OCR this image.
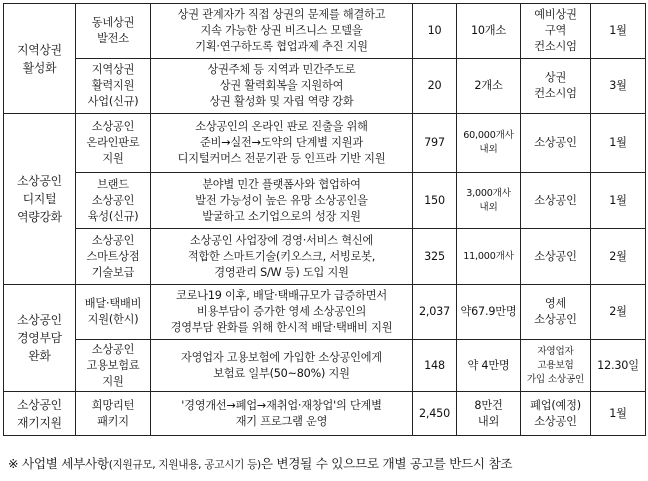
지역상권
활성화	동네상권
발전소	상권 관계자가 직접 상권의 문제를 해결하고
지속 가능한 상권 비즈니스 모델을
기획·연구하도록 협업과제 추진 지원	10	10개소	예비상권
구역
컨소시엄	1월
	지역상권
활력지원
사업(신규)	상권주체 등 지역과 민간주도로
상권 활력회복을 지원하여
상권 활성화 및 자립 역량 강화	20	2개소	상권
컨소시엄	3월
소상공인
디지털
역량강화	소상공인
온라인판로
지원	소상공인의 온라인 판로 진출을 위해
준비→실전→도약의 단계별 지원과
디지털커머스 전문기관 등 인프라 기반 지원	797	60,000개사
내외	소상공인	1월
	브랜드
소상공인
육성(신규)	분야별 민간 플랫폼사와 협업하여
발전 가능성이 높은 유망 소상공인을
발굴하고 소기업으로의 성장 지원	150	3,000개사
내외	소상공인	1월
	소상공인
스마트상점
기술보급	소상공인 사업장에 경영·서비스 혁신에
적합한 스마트기술(키오스크, 서빙로봇,
경영관리 S/W 등) 도입 지원	325	11,000개사	소상공인	2월
소상공인
경영부담
완화	배달·택배비
지원(한시)	코로나19 이후, 배달·택배규모가 급증하면서
비용부담이 증가한 영세 소상공인의
경영부담 완화를 위해 한시적 배달·택배비 지원	2,037	약67.9만명	영세
소상공인	2월
	소상공인
고용보험료
지원	자영업자 고용보험에 가입한 소상공인에게
보험료 일부(50~80%) 지원	148	약 4만명	자영업자
고용보험
가입 소상공인	12.30일
소상공인
재기지원	희망리턴
패키지	'경영개선→폐업→재취업·재창업'의 단계별
재기 프로그램 운영	2,450	8만건
내외	폐업(예정)
소상공인	1월
※ 사업별 세부사항(지원규모, 지원내용, 공고시기 등)은 변경될 수 있으므로 개별 공고를 반드시 참조
